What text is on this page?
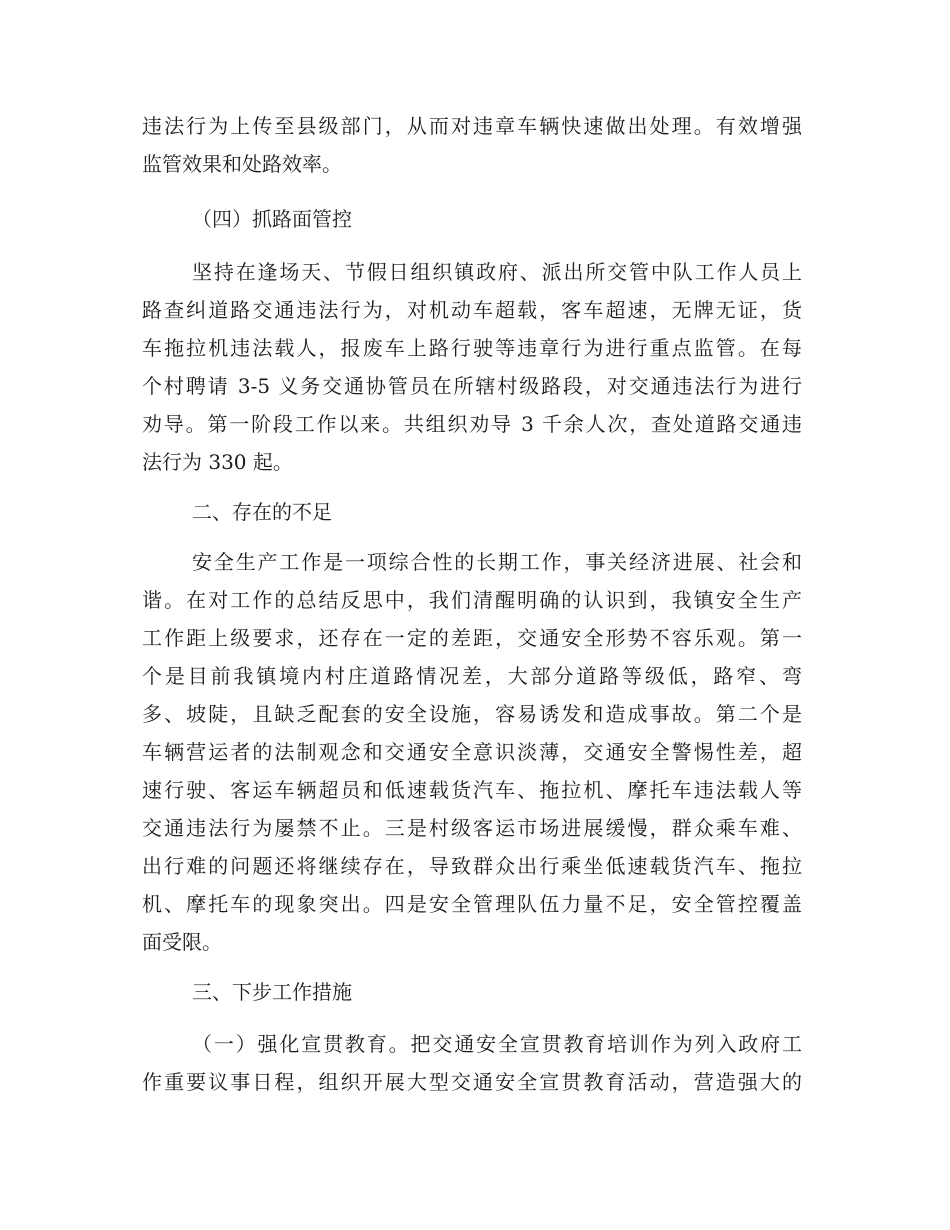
违法行为上传至县级部门，从而对违章车辆快速做出处理。有效增强
监管效果和处路效率。
（四）抓路面管控
坚持在逢场天、节假日组织镇政府、派出所交管中队工作人员上
路查纠道路交通违法行为，对机动车超载，客车超速，无牌无证，货
车拖拉机违法载人，报废车上路行驶等违章行为进行重点监管。在每
个村聘请 3-5 义务交通协管员在所辖村级路段，对交通违法行为进行
劝导。第一阶段工作以来。共组织劝导 3 千余人次，查处道路交通违
法行为 330 起。
二、存在的不足
安全生产工作是一项综合性的长期工作，事关经济进展、社会和
谐。在对工作的总结反思中，我们清醒明确的认识到，我镇安全生产
工作距上级要求，还存在一定的差距，交通安全形势不容乐观。第一
个是目前我镇境内村庄道路情况差，大部分道路等级低，路窄、弯
多、坡陡，且缺乏配套的安全设施，容易诱发和造成事故。第二个是
车辆营运者的法制观念和交通安全意识淡薄，交通安全警惕性差，超
速行驶、客运车辆超员和低速载货汽车、拖拉机、摩托车违法载人等
交通违法行为屡禁不止。三是村级客运市场进展缓慢，群众乘车难、
出行难的问题还将继续存在，导致群众出行乘坐低速载货汽车、拖拉
机、摩托车的现象突出。四是安全管理队伍力量不足，安全管控覆盖
面受限。
三、下步工作措施
（一）强化宣贯教育。把交通安全宣贯教育培训作为列入政府工
作重要议事日程，组织开展大型交通安全宣贯教育活动，营造强大的
